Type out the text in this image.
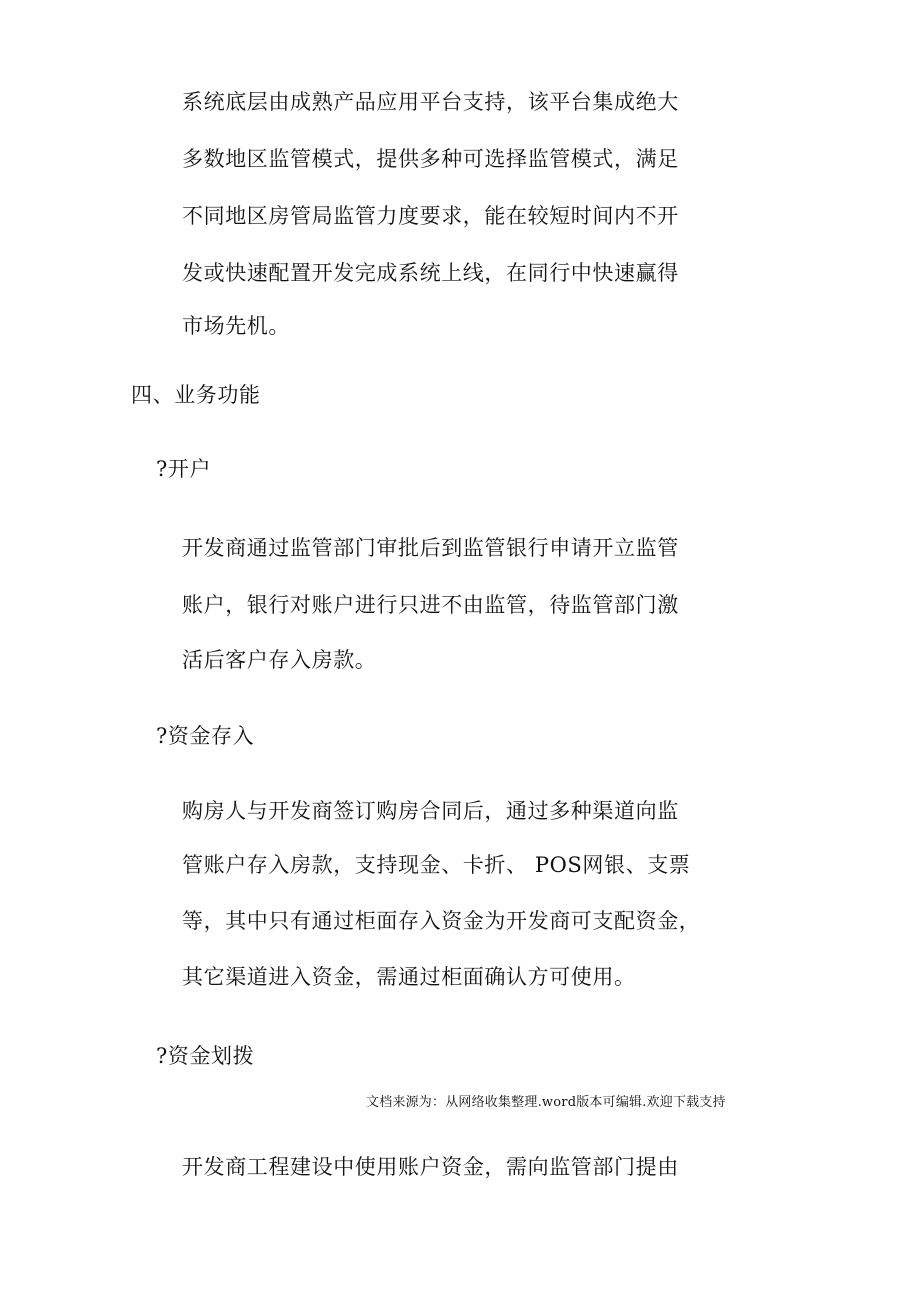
系统底层由成熟产品应用平台支持，该平台集成绝大
多数地区监管模式，提供多种可选择监管模式，满足
不同地区房管局监管力度要求，能在较短时间内不开
发或快速配置开发完成系统上线，在同行中快速赢得
市场先机。
四、业务功能
?开户
开发商通过监管部门审批后到监管银行申请开立监管
账户，银行对账户进行只进不由监管，待监管部门激
活后客户存入房款。
?资金存入
购房人与开发商签订购房合同后，通过多种渠道向监
管账户存入房款，支持现金、卡折、 POS网银、支票
等，其中只有通过柜面存入资金为开发商可支配资金，
其它渠道进入资金，需通过柜面确认方可使用。
?资金划拨
文档来源为：从网络收集整理.word版本可编辑.欢迎下载支持
开发商工程建设中使用账户资金，需向监管部门提由
